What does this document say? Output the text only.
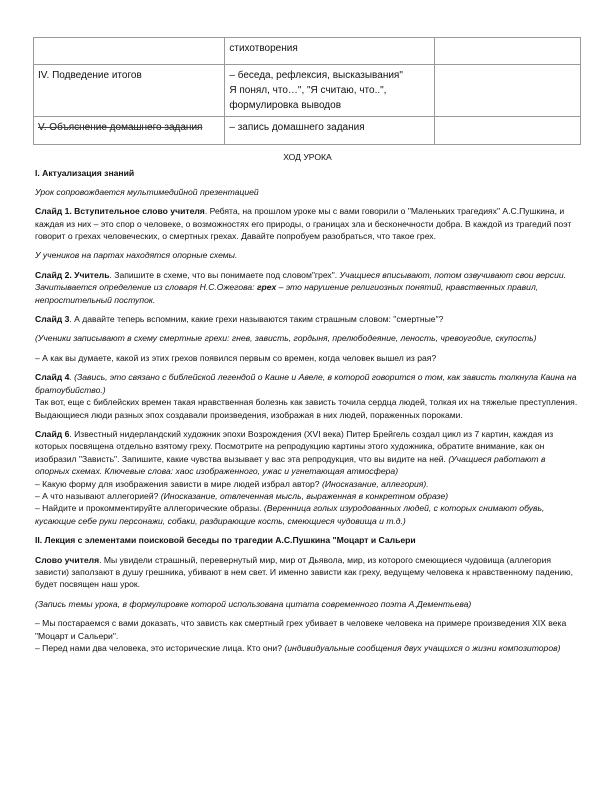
	стихотворения	
IV. Подведение итогов	– беседа, рефлексия, высказывания"
Я понял, что…", "Я считаю, что..",
формулировка выводов	

V. Объяснение домашнего задания	– запись домашнего задания	

ХОД УРОКА

I. Актуализация знаний

Урок сопровождается мультимедийной презентацией

Слайд 1. Вступительное слово учителя. Ребята, на прошлом уроке мы с вами говорили о "Маленьких трагедиях" А.С.Пушкина, и каждая из них – это спор о человеке, о возможностях его природы, о границах зла и бесконечности добра. В каждой из трагедий поэт говорит о грехах человеческих, о смертных грехах. Давайте попробуем разобраться, что такое грех.

У учеников на партах находятся опорные схемы.

Слайд 2. Учитель. Запишите в схеме, что вы понимаете под словом"грех". Учащиеся вписывают, потом озвучивают свои версии. Зачитывается определение из словаря Н.С.Ожегова: грех – это нарушение религиозных понятий, нравственных правил, непростительный поступок.

Слайд 3. А давайте теперь вспомним, какие грехи называются таким страшным словом: "смертные"?

(Ученики записывают в схему смертные грехи: гнев, зависть, гордыня, прелюбодеяние, леность, чревоугодие, скупость)

– А как вы думаете, какой из этих грехов появился первым со времен, когда человек вышел из рая?

Слайд 4. (Завись, это связано с библейской легендой о Каине и Авеле, в которой говорится о том, как зависть толкнула Каина на братоубийство.)
Так вот, еще с библейских времен такая нравственная болезнь как зависть точила сердца людей, толкая их на тяжелые преступления. Выдающиеся люди разных эпох создавали произведения, изображая в них людей, пораженных пороками.

Слайд 6. Известный нидерландский художник эпохи Возрождения (XVI века) Питер Брейгель создал цикл из 7 картин, каждая из которых посвящена отдельно взятому греху. Посмотрите на репродукцию картины этого художника, обратите внимание, как он изобразил "Зависть". Запишите, какие чувства вызывает у вас эта репродукция, что вы видите на ней. (Учащиеся работают в опорных схемах. Ключевые слова: хаос изображенного, ужас и угнетающая атмосфера)
– Какую форму для изображения зависти в мире людей избрал автор? (Иносказание, аллегория).
– А что называют аллегорией? (Иносказание, отвлеченная мысль, выраженная в конкретном образе)
– Найдите и прокомментируйте аллегорические образы. (Веренница голых изуродованных людей, с которых снимают обувь, кусающие себе руки персонажи, собаки, раздирающие кость, смеющиеся чудовища и т.д.)

II. Лекция с элементами поисковой беседы по трагедии А.С.Пушкина "Моцарт и Сальери

Слово учителя. Мы увидели страшный, перевернутый мир, мир от Дьявола, мир, из которого смеющиеся чудовища (аллегория зависти) заползают в душу грешника, убивают в нем свет. И именно зависти как греху, ведущему человека к нравственному падению, будет посвящен наш урок.

(Запись темы урока, в формулировке которой использована цитата современного поэта А.Дементьева)

– Мы постараемся с вами доказать, что зависть как смертный грех убивает в человеке человека на примере произведения XIX века "Моцарт и Сальери".
– Перед нами два человека, это исторические лица. Кто они? (индивидуальные сообщения двух учащихся о жизни композиторов)
